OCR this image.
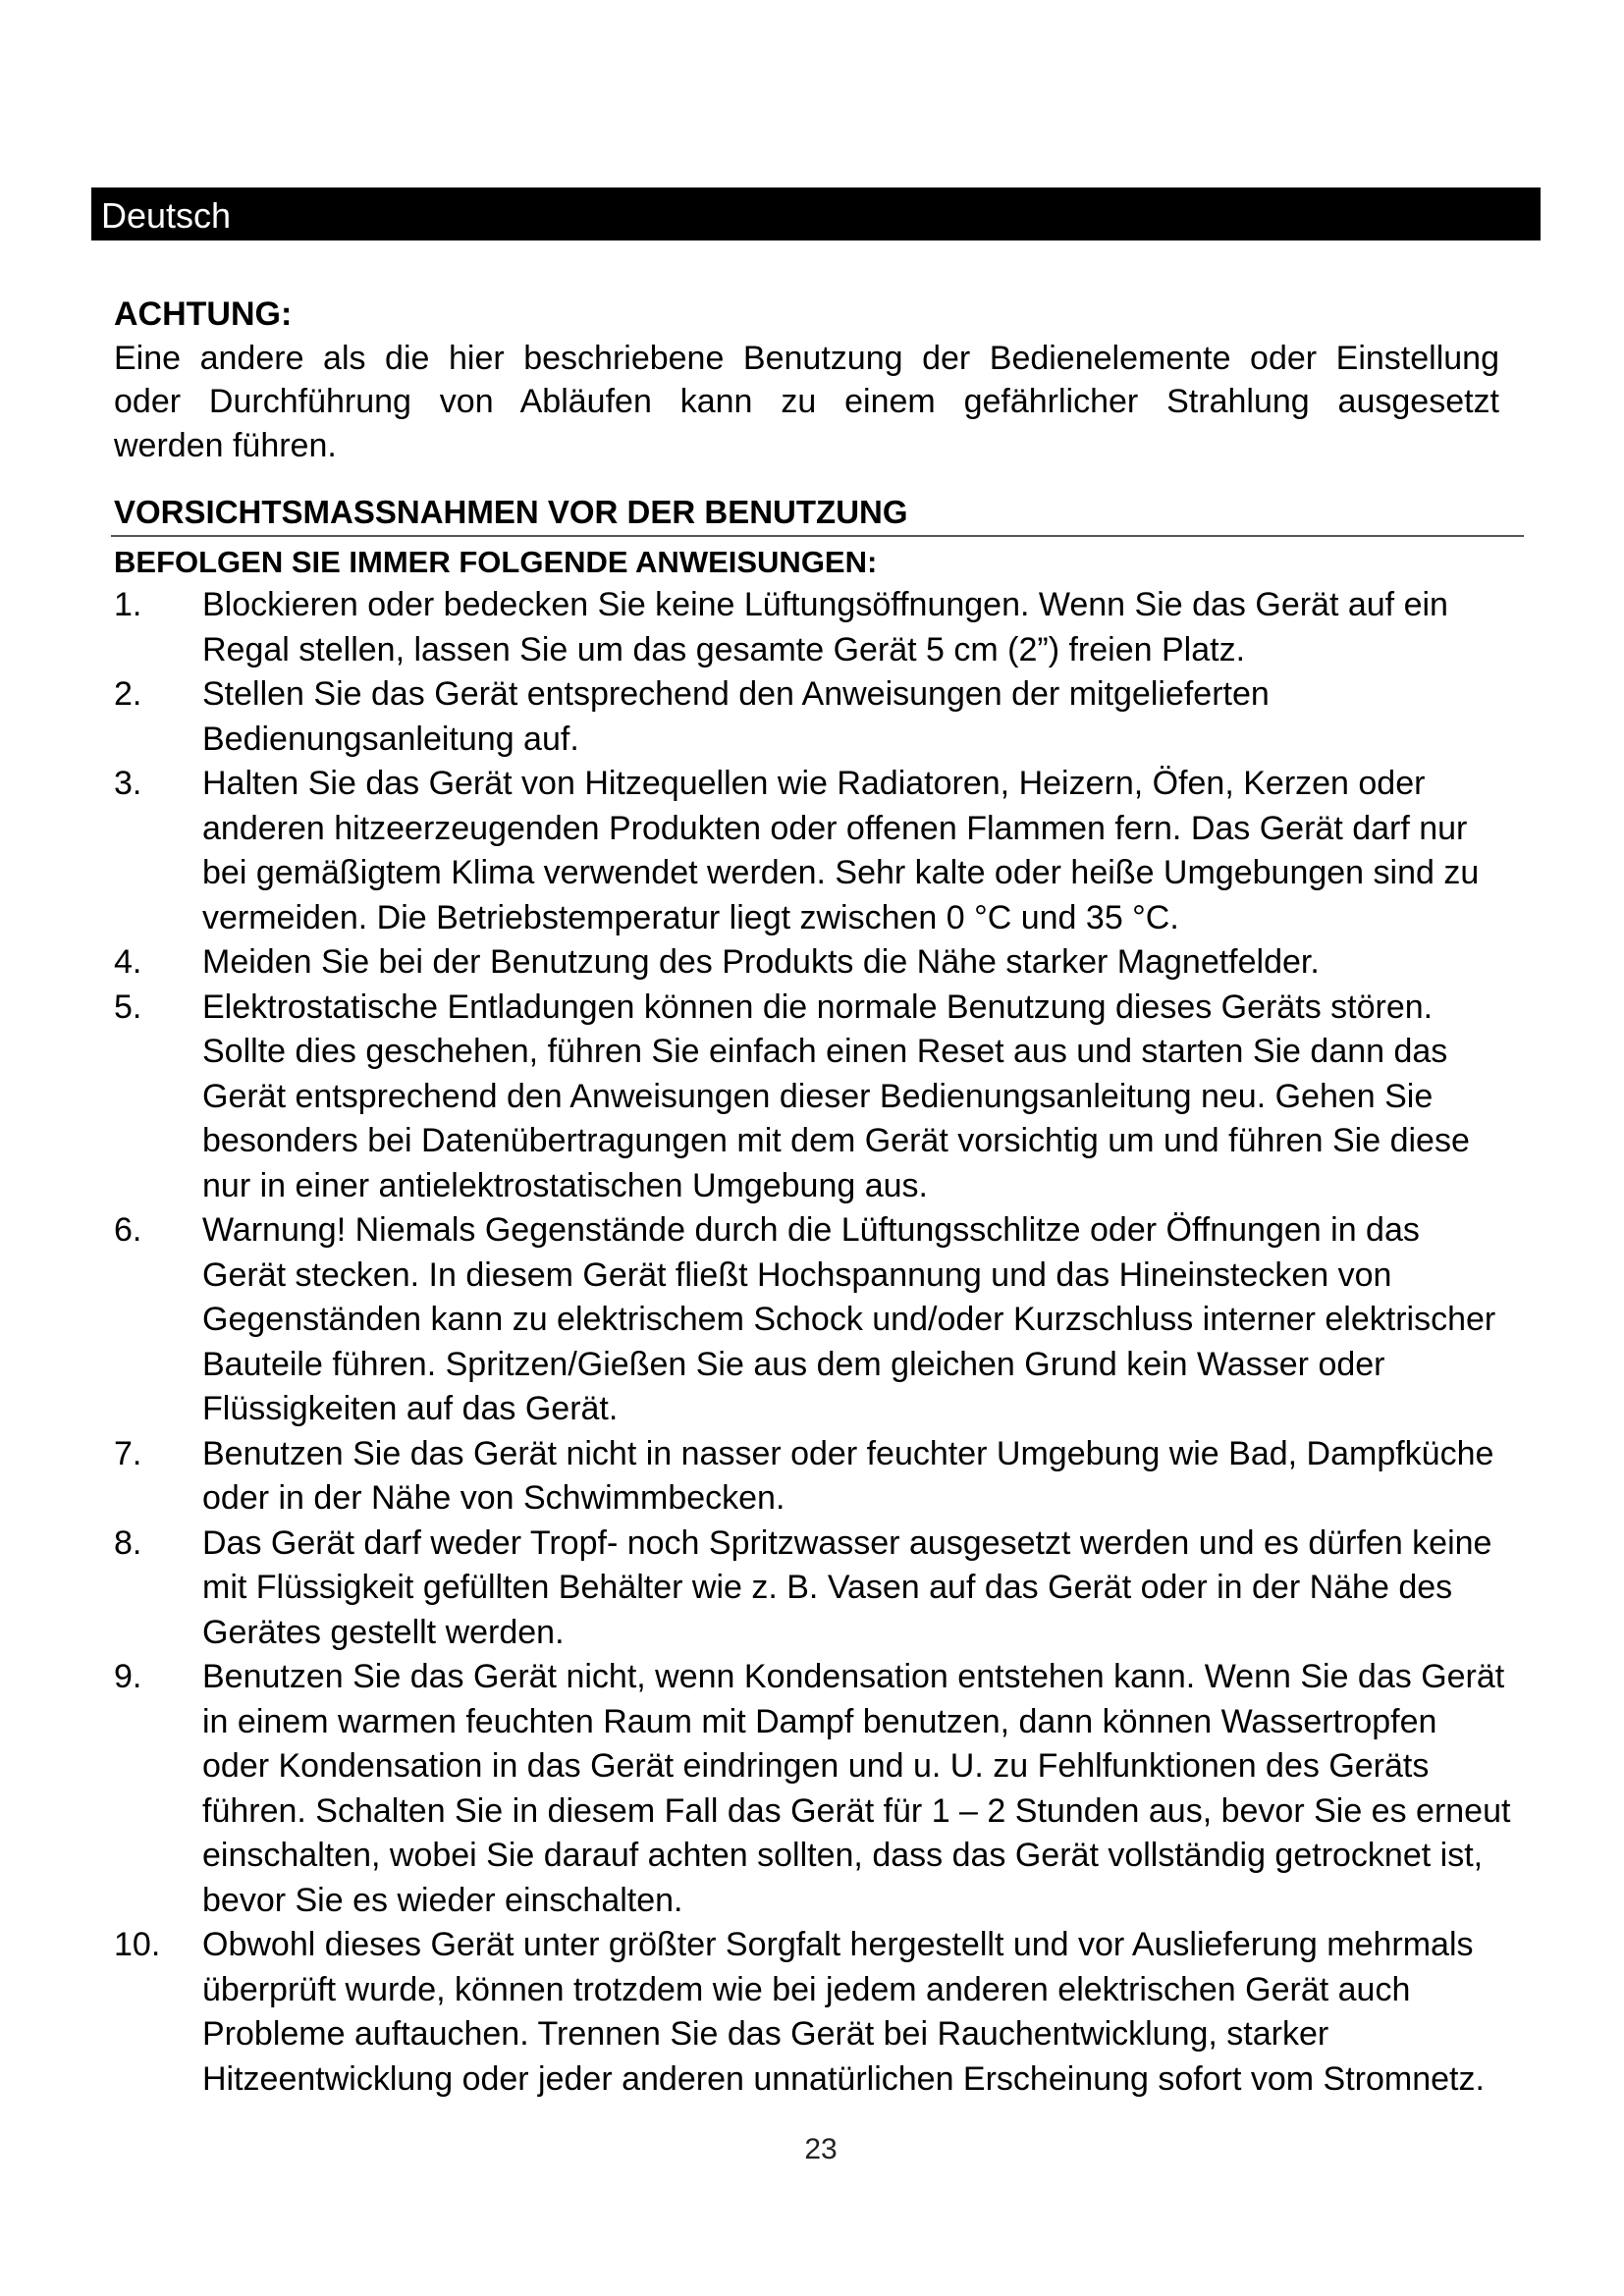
Deutsch
ACHTUNG:
Eine andere als die hier beschriebene Benutzung der Bedienelemente oder Einstellung
oder Durchführung von Abläufen kann zu einem gefährlicher Strahlung ausgesetzt
werden führen.
VORSICHTSMASSNAHMEN VOR DER BENUTZUNG
BEFOLGEN SIE IMMER FOLGENDE ANWEISUNGEN:
1.	Blockieren oder bedecken Sie keine Lüftungsöffnungen. Wenn Sie das Gerät auf ein
Regal stellen, lassen Sie um das gesamte Gerät 5 cm (2”) freien Platz.
2.	Stellen Sie das Gerät entsprechend den Anweisungen der mitgelieferten
Bedienungsanleitung auf.
3.	Halten Sie das Gerät von Hitzequellen wie Radiatoren, Heizern, Öfen, Kerzen oder
anderen hitzeerzeugenden Produkten oder offenen Flammen fern. Das Gerät darf nur
bei gemäßigtem Klima verwendet werden. Sehr kalte oder heiße Umgebungen sind zu
vermeiden. Die Betriebstemperatur liegt zwischen 0 °C und 35 °C.
4.	Meiden Sie bei der Benutzung des Produkts die Nähe starker Magnetfelder.
5.	Elektrostatische Entladungen können die normale Benutzung dieses Geräts stören.
Sollte dies geschehen, führen Sie einfach einen Reset aus und starten Sie dann das
Gerät entsprechend den Anweisungen dieser Bedienungsanleitung neu. Gehen Sie
besonders bei Datenübertragungen mit dem Gerät vorsichtig um und führen Sie diese
nur in einer antielektrostatischen Umgebung aus.
6.	Warnung! Niemals Gegenstände durch die Lüftungsschlitze oder Öffnungen in das
Gerät stecken. In diesem Gerät fließt Hochspannung und das Hineinstecken von
Gegenständen kann zu elektrischem Schock und/oder Kurzschluss interner elektrischer
Bauteile führen. Spritzen/Gießen Sie aus dem gleichen Grund kein Wasser oder
Flüssigkeiten auf das Gerät.
7.	Benutzen Sie das Gerät nicht in nasser oder feuchter Umgebung wie Bad, Dampfküche
oder in der Nähe von Schwimmbecken.
8.	Das Gerät darf weder Tropf- noch Spritzwasser ausgesetzt werden und es dürfen keine
mit Flüssigkeit gefüllten Behälter wie z. B. Vasen auf das Gerät oder in der Nähe des
Gerätes gestellt werden.
9.	Benutzen Sie das Gerät nicht, wenn Kondensation entstehen kann. Wenn Sie das Gerät
in einem warmen feuchten Raum mit Dampf benutzen, dann können Wassertropfen
oder Kondensation in das Gerät eindringen und u. U. zu Fehlfunktionen des Geräts
führen. Schalten Sie in diesem Fall das Gerät für 1 – 2 Stunden aus, bevor Sie es erneut
einschalten, wobei Sie darauf achten sollten, dass das Gerät vollständig getrocknet ist,
bevor Sie es wieder einschalten.
10.	Obwohl dieses Gerät unter größter Sorgfalt hergestellt und vor Auslieferung mehrmals
überprüft wurde, können trotzdem wie bei jedem anderen elektrischen Gerät auch
Probleme auftauchen. Trennen Sie das Gerät bei Rauchentwicklung, starker
Hitzeentwicklung oder jeder anderen unnatürlichen Erscheinung sofort vom Stromnetz.
23
